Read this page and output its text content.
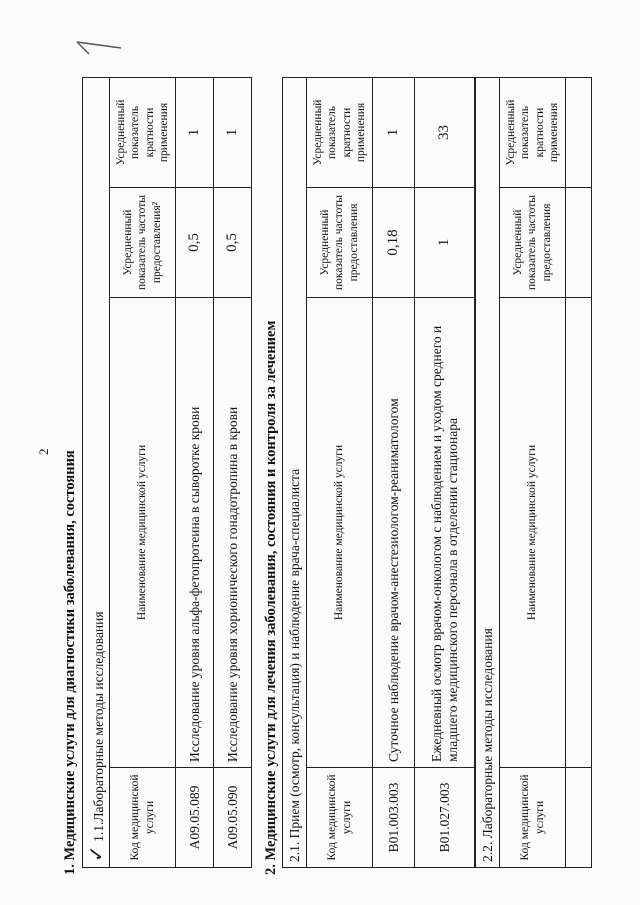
2 1. Медицинские услуги для диагностики заболевания, состояния ✓ 1.1.Лабораторные методы исследования			
Код медицинской услуги	Наименование медицинской услуги	Усредненный показатель частоты предоставления²	Усредненный показатель кратности применения
A09.05.089	Исследование уровня альфа-фетопротеина в сыворотке крови	0,5	1
A09.05.090	Исследование уровня хорионического гонадотропина в крови	0,5	1
2. Медицинские услуги для лечения заболевания, состояния и контроля за лечением 2.1. Прием (осмотр, консультация) и наблюдение врача-специалиста			
Код медицинской услуги	Наименование медицинской услуги	Усредненный показатель частоты предоставления	Усредненный показатель кратности применения
B01.003.003	Суточное наблюдение врачом-анестезиологом-реаниматологом	0,18	1
B01.027.003	Ежедневный осмотр врачом-онкологом с наблюдением и уходом среднего и младшего медицинского персонала в отделении стационара	1	33
2.2. Лабораторные методы исследования			
Код медицинской услуги	Наименование медицинской услуги	Усредненный показатель частоты предоставления	Усредненный показатель кратности применения
